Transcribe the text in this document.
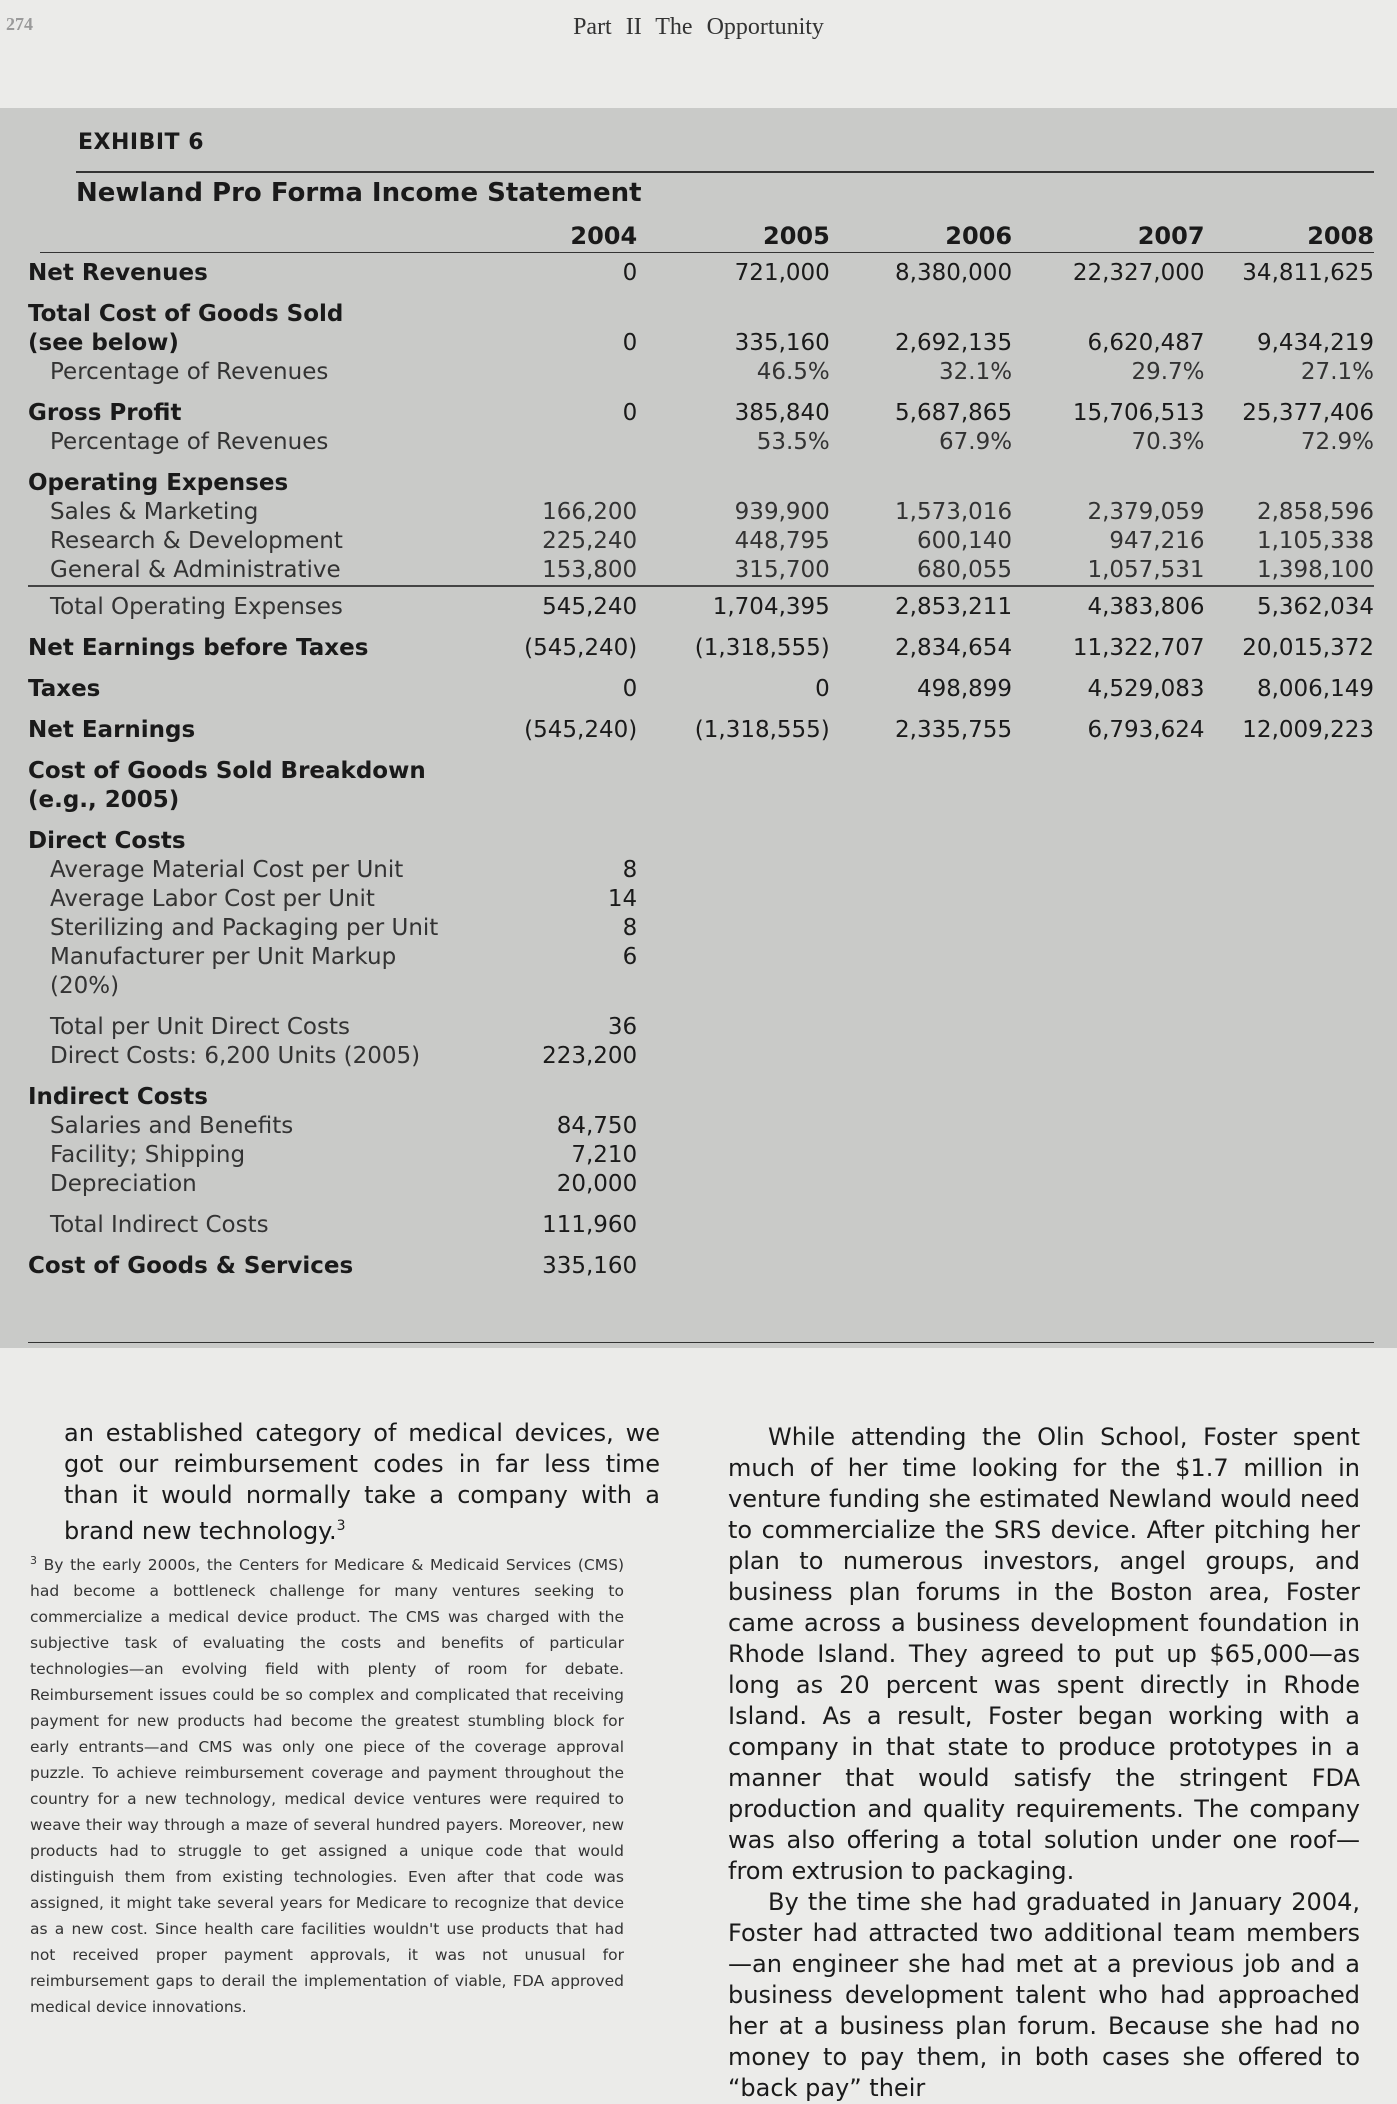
274	Part II The Opportunity
EXHIBIT 6
Newland Pro Forma Income Statement
	2004	2005	2006	2007	2008
Net Revenues	0	721,000	8,380,000	22,327,000	34,811,625

Total Cost of Goods Sold					
(see below)	0	335,160	2,692,135	6,620,487	9,434,219
Percentage of Revenues		46.5%	32.1%	29.7%	27.1%

Gross Profit	0	385,840	5,687,865	15,706,513	25,377,406
Percentage of Revenues		53.5%	67.9%	70.3%	72.9%

Operating Expenses					
Sales & Marketing	166,200	939,900	1,573,016	2,379,059	2,858,596
Research & Development	225,240	448,795	600,140	947,216	1,105,338
General & Administrative	153,800	315,700	680,055	1,057,531	1,398,100

Total Operating Expenses	545,240	1,704,395	2,853,211	4,383,806	5,362,034

Net Earnings before Taxes	(545,240)	(1,318,555)	2,834,654	11,322,707	20,015,372

Taxes	0	0	498,899	4,529,083	8,006,149

Net Earnings	(545,240)	(1,318,555)	2,335,755	6,793,624	12,009,223

Cost of Goods Sold Breakdown					
(e.g., 2005)					

Direct Costs					
Average Material Cost per Unit	8				
Average Labor Cost per Unit	14				
Sterilizing and Packaging per Unit	8				
Manufacturer per Unit Markup (20%)	6				

Total per Unit Direct Costs	36				
Direct Costs: 6,200 Units (2005)	223,200				

Indirect Costs					
Salaries and Benefits	84,750				
Facility; Shipping	7,210				
Depreciation	20,000				

Total Indirect Costs	111,960				

Cost of Goods & Services	335,160				
an established category of medical devices, we got our reimbursement codes in far less time than it would normally take a company with a brand new technology.$^3$
$^3$ By the early 2000s, the Centers for Medicare & Medicaid Services (CMS) had become a bottleneck challenge for many ventures seeking to commercialize a medical device product. The CMS was charged with the subjective task of evaluating the costs and benefits of particular technologies—an evolving field with plenty of room for debate. Reimbursement issues could be so complex and complicated that receiving payment for new products had become the greatest stumbling block for early entrants—and CMS was only one piece of the coverage approval puzzle. To achieve reimbursement coverage and payment throughout the country for a new technology, medical device ventures were required to weave their way through a maze of several hundred payers. Moreover, new products had to struggle to get assigned a unique code that would distinguish them from existing technologies. Even after that code was assigned, it might take several years for Medicare to recognize that device as a new cost. Since health care facilities wouldn't use products that had not received proper payment approvals, it was not unusual for reimbursement gaps to derail the implementation of viable, FDA approved medical device innovations.
While attending the Olin School, Foster spent much of her time looking for the $1.7 million in venture funding she estimated Newland would need to commercialize the SRS device. After pitching her plan to numerous investors, angel groups, and business plan forums in the Boston area, Foster came across a business development foundation in Rhode Island. They agreed to put up $65,000—as long as 20 percent was spent directly in Rhode Island. As a result, Foster began working with a company in that state to produce prototypes in a manner that would satisfy the stringent FDA production and quality requirements. The company was also offering a total solution under one roof—from extrusion to packaging.
By the time she had graduated in January 2004, Foster had attracted two additional team members—an engineer she had met at a previous job and a business development talent who had approached her at a business plan forum. Because she had no money to pay them, in both cases she offered to “back pay” their
